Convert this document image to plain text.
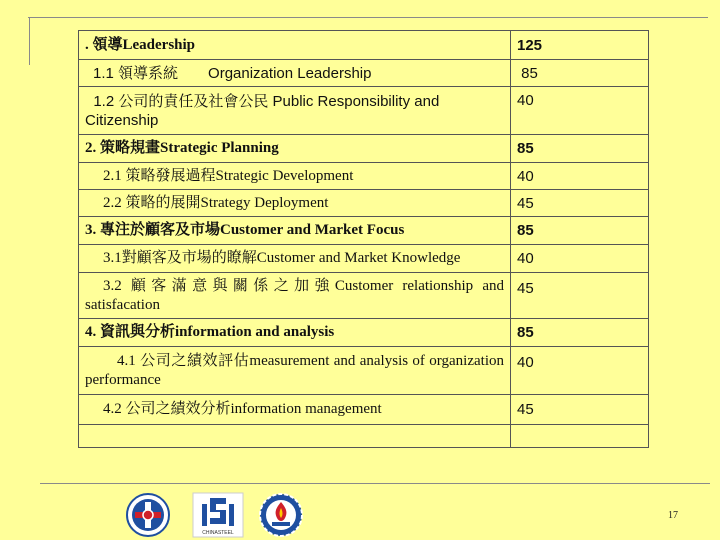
. 領導Leadership	125
1.1 領導系統 Organization Leadership	85
1.2 公司的責任及社會公民 Public Responsibility and Citizenship	40
2. 策略規畫Strategic Planning	85
2.1 策略發展過程Strategic Development	40
2.2 策略的展開Strategy Deployment	45
3. 專注於顧客及市場Customer and Market Focus	85
3.1對顧客及市場的瞭解Customer and Market Knowledge	40
3.2 顧客滿意與關係之加強Customer relationship and satisfacation	45
4. 資訊與分析information and analysis	85
4.1 公司之績效評估measurement and analysis of organization performance	40
4.2 公司之績效分析information management	45

CHINASTEEL
17
